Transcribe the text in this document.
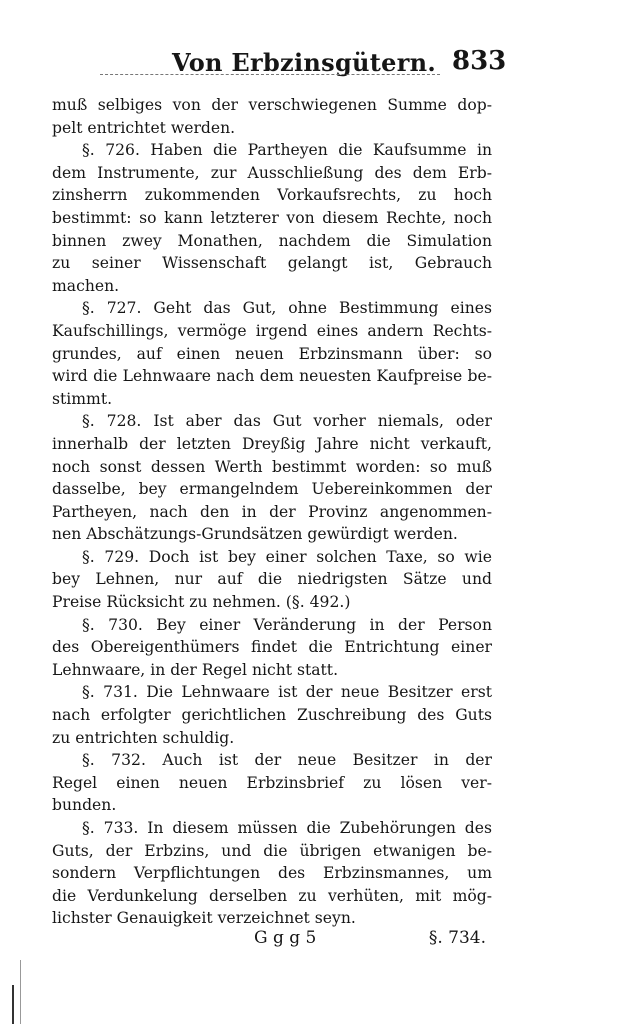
Von Erbzinsgütern. 833
muß selbiges von der verschwiegenen Summe dop-
pelt entrichtet werden.
§. 726. Haben die Partheyen die Kaufsumme in
dem Instrumente, zur Ausschließung des dem Erb-
zinsherrn zukommenden Vorkaufsrechts, zu hoch
bestimmt: so kann letzterer von diesem Rechte, noch
binnen zwey Monathen, nachdem die Simulation
zu seiner Wissenschaft gelangt ist, Gebrauch
machen.
§. 727. Geht das Gut, ohne Bestimmung eines
Kaufschillings, vermöge irgend eines andern Rechts-
grundes, auf einen neuen Erbzinsmann über: so
wird die Lehnwaare nach dem neuesten Kaufpreise be-
stimmt.
§. 728. Ist aber das Gut vorher niemals, oder
innerhalb der letzten Dreyßig Jahre nicht verkauft,
noch sonst dessen Werth bestimmt worden: so muß
dasselbe, bey ermangelndem Uebereinkommen der
Partheyen, nach den in der Provinz angenommen-
nen Abschätzungs-Grundsätzen gewürdigt werden.
§. 729. Doch ist bey einer solchen Taxe, so wie
bey Lehnen, nur auf die niedrigsten Sätze und
Preise Rücksicht zu nehmen. (§. 492.)
§. 730. Bey einer Veränderung in der Person
des Obereigenthümers findet die Entrichtung einer
Lehnwaare, in der Regel nicht statt.
§. 731. Die Lehnwaare ist der neue Besitzer erst
nach erfolgter gerichtlichen Zuschreibung des Guts
zu entrichten schuldig.
§. 732. Auch ist der neue Besitzer in der
Regel einen neuen Erbzinsbrief zu lösen ver-
bunden.
§. 733. In diesem müssen die Zubehörungen des
Guts, der Erbzins, und die übrigen etwanigen be-
sondern Verpflichtungen des Erbzinsmannes, um
die Verdunkelung derselben zu verhüten, mit mög-
lichster Genauigkeit verzeichnet seyn.
G g g 5	§. 734.
